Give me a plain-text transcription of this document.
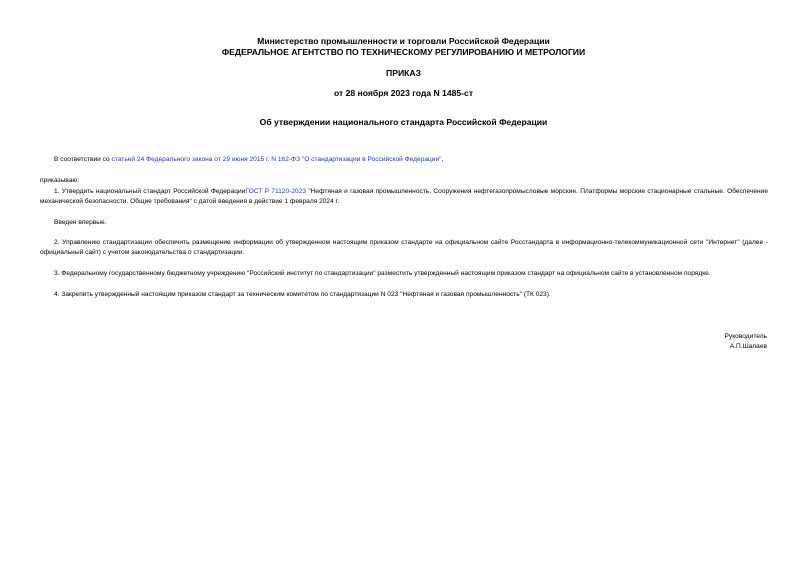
Министерство промышленности и торговли Российской Федерации
ФЕДЕРАЛЬНОЕ АГЕНТСТВО ПО ТЕХНИЧЕСКОМУ РЕГУЛИРОВАНИЮ И МЕТРОЛОГИИ
ПРИКАЗ
от 28 ноября 2023 года N 1485-ст
Об утверждении национального стандарта Российской Федерации
В соответствии со статьей 24 Федерального закона от 29 июня 2015 г. N 162-ФЗ "О стандартизации в Российской Федерации",
приказываю:
1. Утвердить национальный стандарт Российской ФедерацииГОСТ Р 71120-2023 "Нефтяная и газовая промышленность. Сооружения нефтегазопромысловые морские. Платформы морские стационарные стальные. Обеспечение механической безопасности. Общие требования" с датой введения в действие 1 февраля 2024 г.
Введен впервые.
2. Управлению стандартизации обеспечить размещение информации об утвержденном настоящим приказом стандарте на официальном сайте Росстандарта в информационно-телекоммуникационной сети "Интернет" (далее - официальный сайт) с учетом законодательства о стандартизации.
3. Федеральному государственному бюджетному учреждению "Российский институт по стандартизации" разместить утвержденный настоящим приказом стандарт на официальном сайте в установленном порядке.
4. Закрепить утвержденный настоящим приказом стандарт за техническим комитетом по стандартизации N 023 "Нефтяная и газовая промышленность" (ТК 023).
Руководитель
А.П.Шалаев
